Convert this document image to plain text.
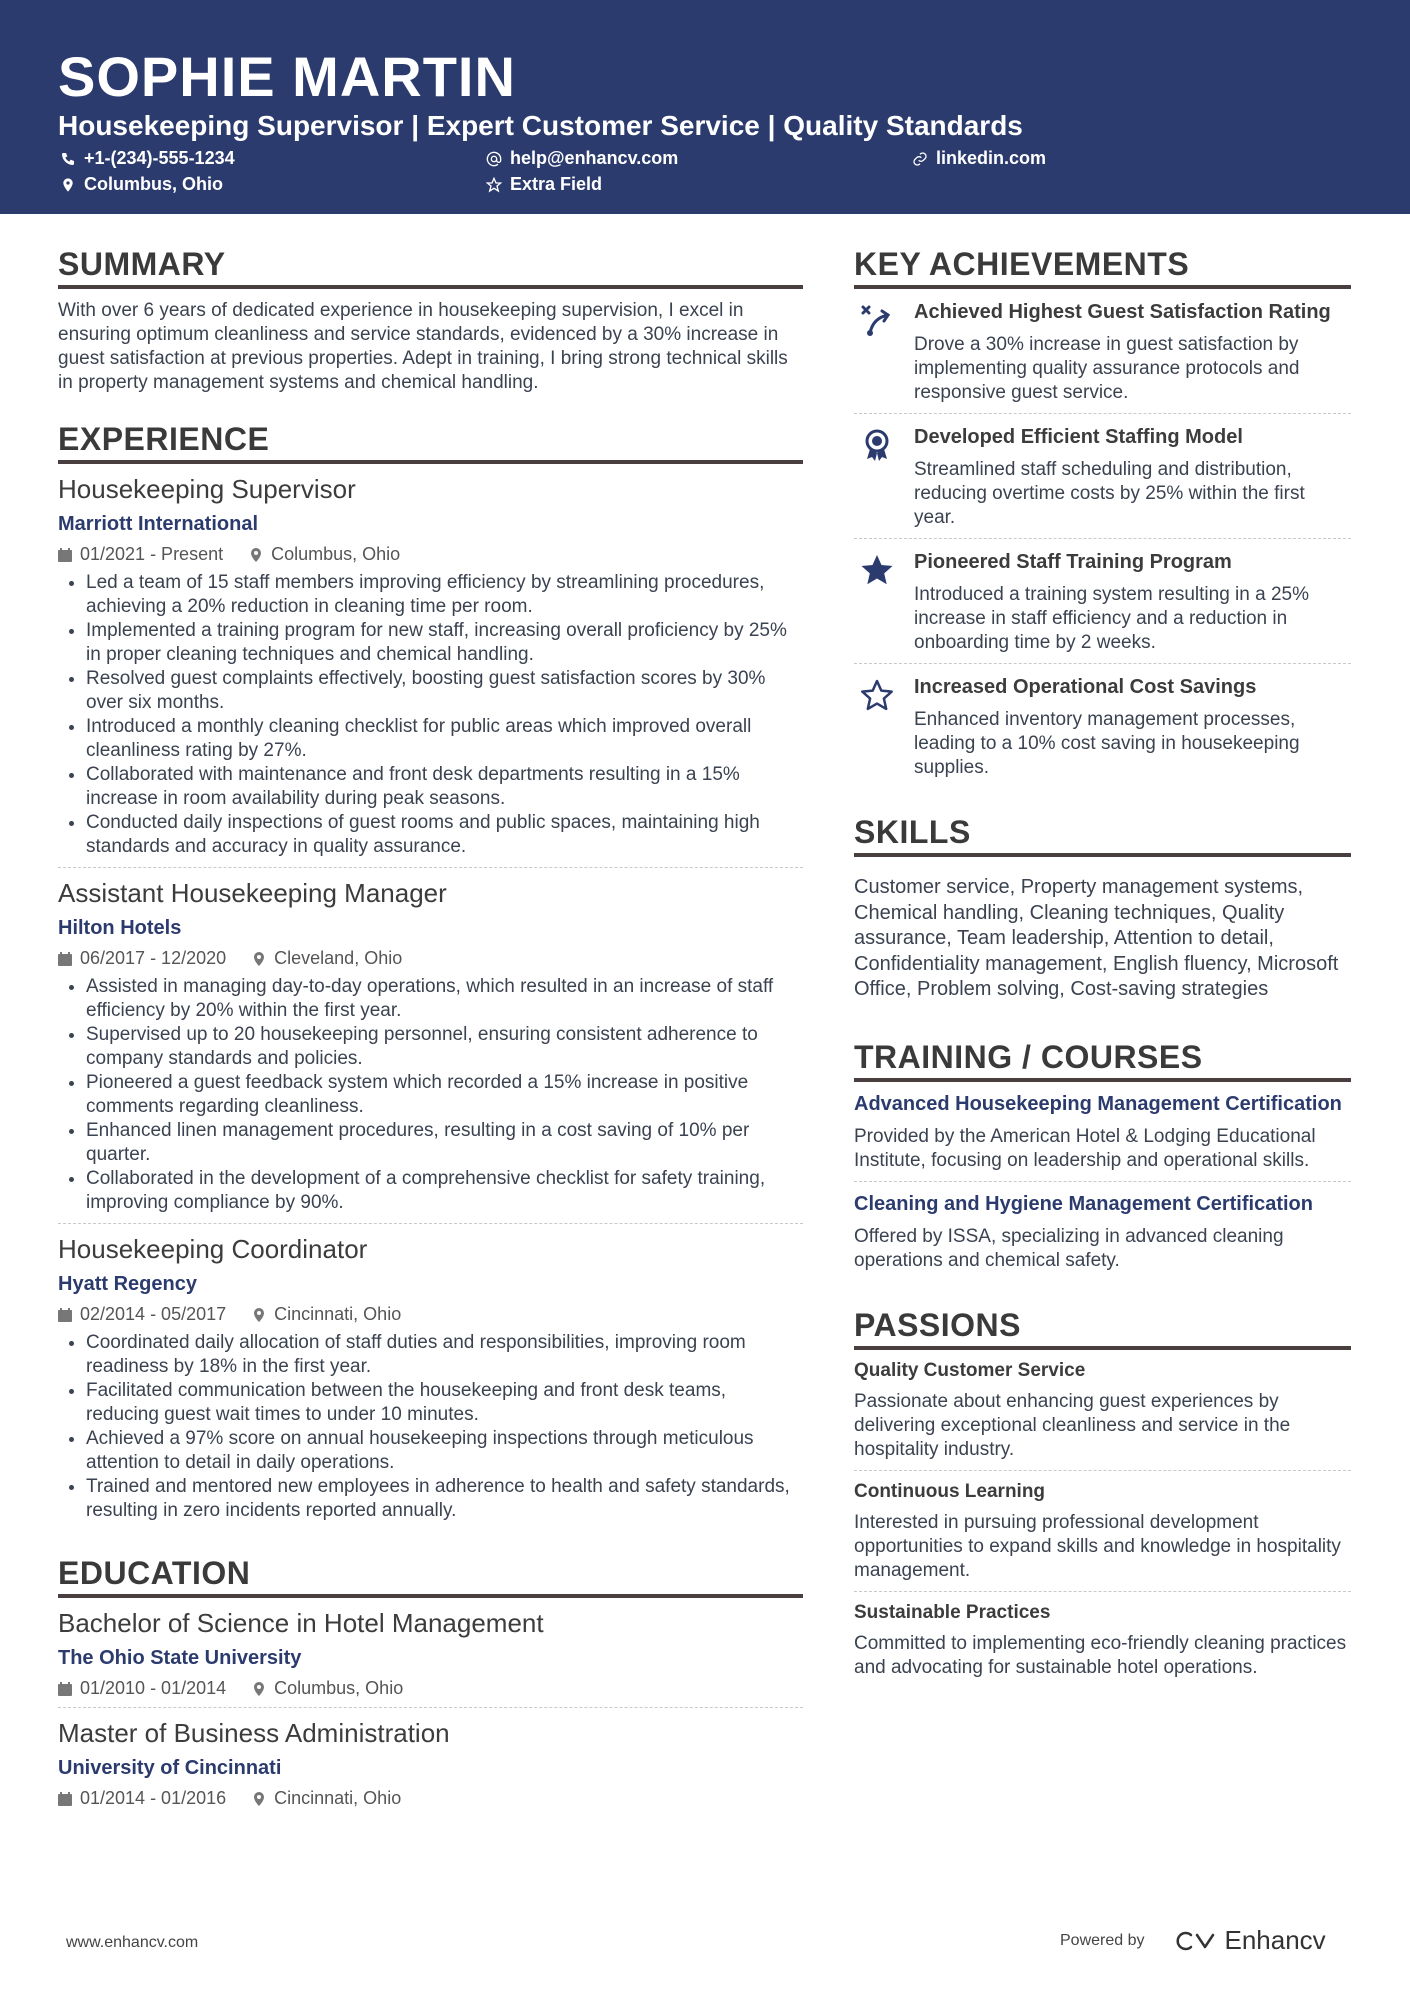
SOPHIE MARTIN
Housekeeping Supervisor | Expert Customer Service | Quality Standards
+1-(234)-555-1234	help@enhancv.com	linkedin.com
Columbus, Ohio	Extra Field
SUMMARY
With over 6 years of dedicated experience in housekeeping supervision, I excel in ensuring optimum cleanliness and service standards, evidenced by a 30% increase in guest satisfaction at previous properties. Adept in training, I bring strong technical skills in property management systems and chemical handling.
EXPERIENCE
Housekeeping Supervisor
Marriott International
01/2021 - Present	Columbus, Ohio
• Led a team of 15 staff members improving efficiency by streamlining procedures, achieving a 20% reduction in cleaning time per room.
• Implemented a training program for new staff, increasing overall proficiency by 25% in proper cleaning techniques and chemical handling.
• Resolved guest complaints effectively, boosting guest satisfaction scores by 30% over six months.
• Introduced a monthly cleaning checklist for public areas which improved overall cleanliness rating by 27%.
• Collaborated with maintenance and front desk departments resulting in a 15% increase in room availability during peak seasons.
• Conducted daily inspections of guest rooms and public spaces, maintaining high standards and accuracy in quality assurance.
Assistant Housekeeping Manager
Hilton Hotels
06/2017 - 12/2020	Cleveland, Ohio
• Assisted in managing day-to-day operations, which resulted in an increase of staff efficiency by 20% within the first year.
• Supervised up to 20 housekeeping personnel, ensuring consistent adherence to company standards and policies.
• Pioneered a guest feedback system which recorded a 15% increase in positive comments regarding cleanliness.
• Enhanced linen management procedures, resulting in a cost saving of 10% per quarter.
• Collaborated in the development of a comprehensive checklist for safety training, improving compliance by 90%.
Housekeeping Coordinator
Hyatt Regency
02/2014 - 05/2017	Cincinnati, Ohio
• Coordinated daily allocation of staff duties and responsibilities, improving room readiness by 18% in the first year.
• Facilitated communication between the housekeeping and front desk teams, reducing guest wait times to under 10 minutes.
• Achieved a 97% score on annual housekeeping inspections through meticulous attention to detail in daily operations.
• Trained and mentored new employees in adherence to health and safety standards, resulting in zero incidents reported annually.
EDUCATION
Bachelor of Science in Hotel Management
The Ohio State University
01/2010 - 01/2014	Columbus, Ohio
Master of Business Administration
University of Cincinnati
01/2014 - 01/2016	Cincinnati, Ohio
KEY ACHIEVEMENTS
Achieved Highest Guest Satisfaction Rating
Drove a 30% increase in guest satisfaction by implementing quality assurance protocols and responsive guest service.
Developed Efficient Staffing Model
Streamlined staff scheduling and distribution, reducing overtime costs by 25% within the first year.
Pioneered Staff Training Program
Introduced a training system resulting in a 25% increase in staff efficiency and a reduction in onboarding time by 2 weeks.
Increased Operational Cost Savings
Enhanced inventory management processes, leading to a 10% cost saving in housekeeping supplies.
SKILLS
Customer service, Property management systems, Chemical handling, Cleaning techniques, Quality assurance, Team leadership, Attention to detail, Confidentiality management, English fluency, Microsoft Office, Problem solving, Cost-saving strategies
TRAINING / COURSES
Advanced Housekeeping Management Certification
Provided by the American Hotel & Lodging Educational Institute, focusing on leadership and operational skills.
Cleaning and Hygiene Management Certification
Offered by ISSA, specializing in advanced cleaning operations and chemical safety.
PASSIONS
Quality Customer Service
Passionate about enhancing guest experiences by delivering exceptional cleanliness and service in the hospitality industry.
Continuous Learning
Interested in pursuing professional development opportunities to expand skills and knowledge in hospitality management.
Sustainable Practices
Committed to implementing eco-friendly cleaning practices and advocating for sustainable hotel operations.
www.enhancv.com	Powered by	Enhancv
